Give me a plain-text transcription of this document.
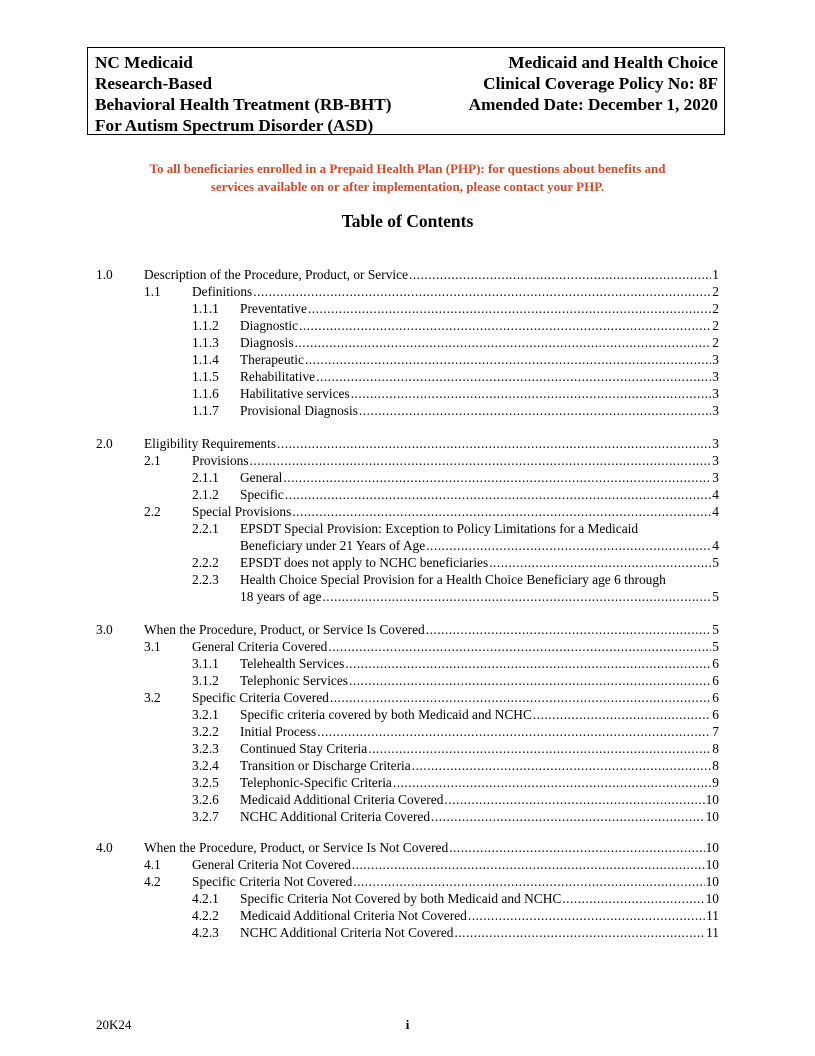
NC Medicaid
Research-Based
Behavioral Health Treatment (RB-BHT)
For Autism Spectrum Disorder (ASD)
Medicaid and Health Choice
Clinical Coverage Policy No: 8F
Amended Date: December 1, 2020
To all beneficiaries enrolled in a Prepaid Health Plan (PHP): for questions about benefits and
services available on or after implementation, please contact your PHP.
Table of Contents
1.0 Description of the Procedure, Product, or Service .....	1
1.1 Definitions .....	2
1.1.1 Preventative .....	2
1.1.2 Diagnostic .....	2
1.1.3 Diagnosis .....	2
1.1.4 Therapeutic .....	3
1.1.5 Rehabilitative .....	3
1.1.6 Habilitative services .....	3
1.1.7 Provisional Diagnosis .....	3
2.0 Eligibility Requirements .....	3
2.1 Provisions .....	3
2.1.1 General .....	3
2.1.2 Specific .....	4
2.2 Special Provisions .....	4
2.2.1 EPSDT Special Provision: Exception to Policy Limitations for a Medicaid
Beneficiary under 21 Years of Age .....	4
2.2.2 EPSDT does not apply to NCHC beneficiaries .....	5
2.2.3 Health Choice Special Provision for a Health Choice Beneficiary age 6 through
18 years of age .....	5
3.0 When the Procedure, Product, or Service Is Covered .....	5
3.1 General Criteria Covered .....	5
3.1.1 Telehealth Services .....	6
3.1.2 Telephonic Services .....	6
3.2 Specific Criteria Covered .....	6
3.2.1 Specific criteria covered by both Medicaid and NCHC .....	6
3.2.2 Initial Process .....	7
3.2.3 Continued Stay Criteria .....	8
3.2.4 Transition or Discharge Criteria .....	8
3.2.5 Telephonic-Specific Criteria .....	9
3.2.6 Medicaid Additional Criteria Covered .....	10
3.2.7 NCHC Additional Criteria Covered .....	10
4.0 When the Procedure, Product, or Service Is Not Covered .....	10
4.1 General Criteria Not Covered .....	10
4.2 Specific Criteria Not Covered .....	10
4.2.1 Specific Criteria Not Covered by both Medicaid and NCHC .....	10
4.2.2 Medicaid Additional Criteria Not Covered .....	11
4.2.3 NCHC Additional Criteria Not Covered .....	11
20K24	i
